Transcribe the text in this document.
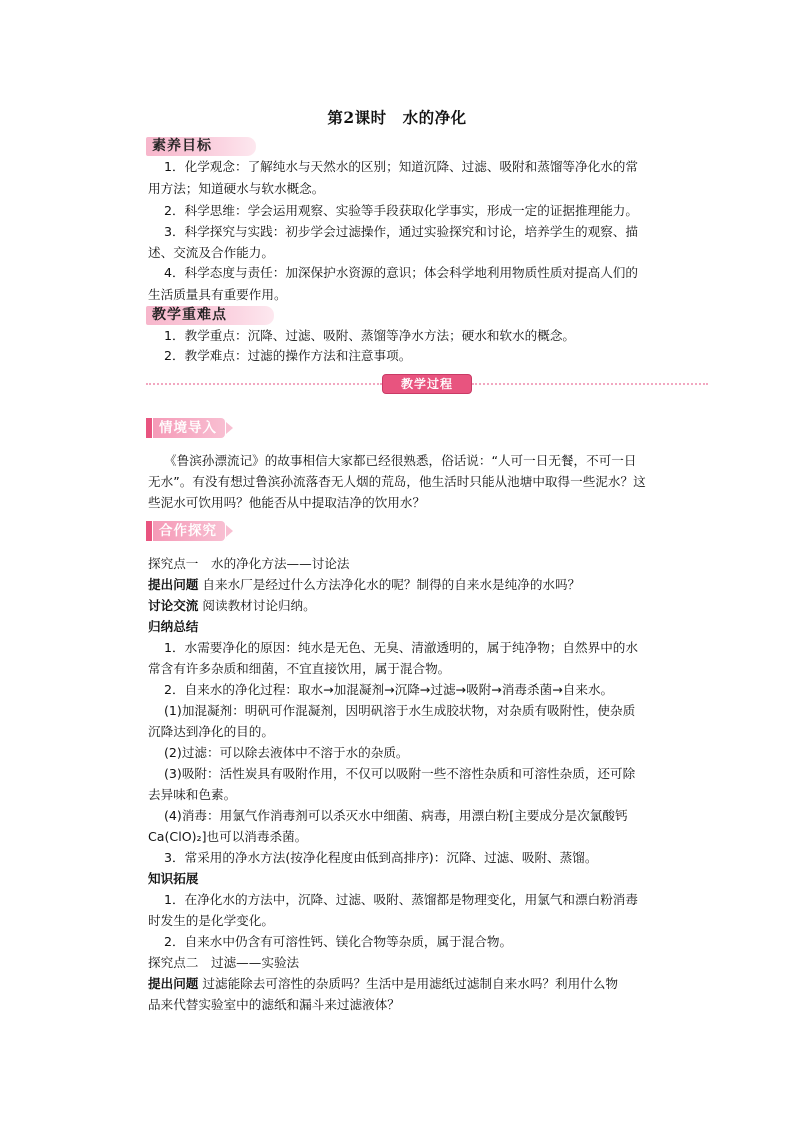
第2课时 水的净化
素养目标
1．化学观念：了解纯水与天然水的区别；知道沉降、过滤、吸附和蒸馏等净化水的常
用方法；知道硬水与软水概念。
2．科学思维：学会运用观察、实验等手段获取化学事实，形成一定的证据推理能力。
3．科学探究与实践：初步学会过滤操作，通过实验探究和讨论，培养学生的观察、描
述、交流及合作能力。
4．科学态度与责任：加深保护水资源的意识；体会科学地利用物质性质对提高人们的
生活质量具有重要作用。
教学重难点
1．教学重点：沉降、过滤、吸附、蒸馏等净水方法；硬水和软水的概念。
2．教学难点：过滤的操作方法和注意事项。
教学过程
情境导入
《鲁滨孙漂流记》的故事相信大家都已经很熟悉，俗话说：“人可一日无餐，不可一日
无水”。有没有想过鲁滨孙流落杳无人烟的荒岛，他生活时只能从池塘中取得一些泥水？这
些泥水可饮用吗？他能否从中提取洁净的饮用水？
合作探究
探究点一　水的净化方法——讨论法
提出问题 自来水厂是经过什么方法净化水的呢？制得的自来水是纯净的水吗？
讨论交流 阅读教材讨论归纳。
归纳总结
1．水需要净化的原因：纯水是无色、无臭、清澈透明的，属于纯净物；自然界中的水
常含有许多杂质和细菌，不宜直接饮用，属于混合物。
2．自来水的净化过程：取水→加混凝剂→沉降→过滤→吸附→消毒杀菌→自来水。
(1)加混凝剂：明矾可作混凝剂，因明矾溶于水生成胶状物，对杂质有吸附性，使杂质
沉降达到净化的目的。
(2)过滤：可以除去液体中不溶于水的杂质。
(3)吸附：活性炭具有吸附作用，不仅可以吸附一些不溶性杂质和可溶性杂质，还可除
去异味和色素。
(4)消毒：用氯气作消毒剂可以杀灭水中细菌、病毒，用漂白粉[主要成分是次氯酸钙
Ca(ClO)₂]也可以消毒杀菌。
3．常采用的净水方法(按净化程度由低到高排序)：沉降、过滤、吸附、蒸馏。
知识拓展
1．在净化水的方法中，沉降、过滤、吸附、蒸馏都是物理变化，用氯气和漂白粉消毒
时发生的是化学变化。
2．自来水中仍含有可溶性钙、镁化合物等杂质，属于混合物。
探究点二　过滤——实验法
提出问题 过滤能除去可溶性的杂质吗？生活中是用滤纸过滤制自来水吗？利用什么物
品来代替实验室中的滤纸和漏斗来过滤液体？
